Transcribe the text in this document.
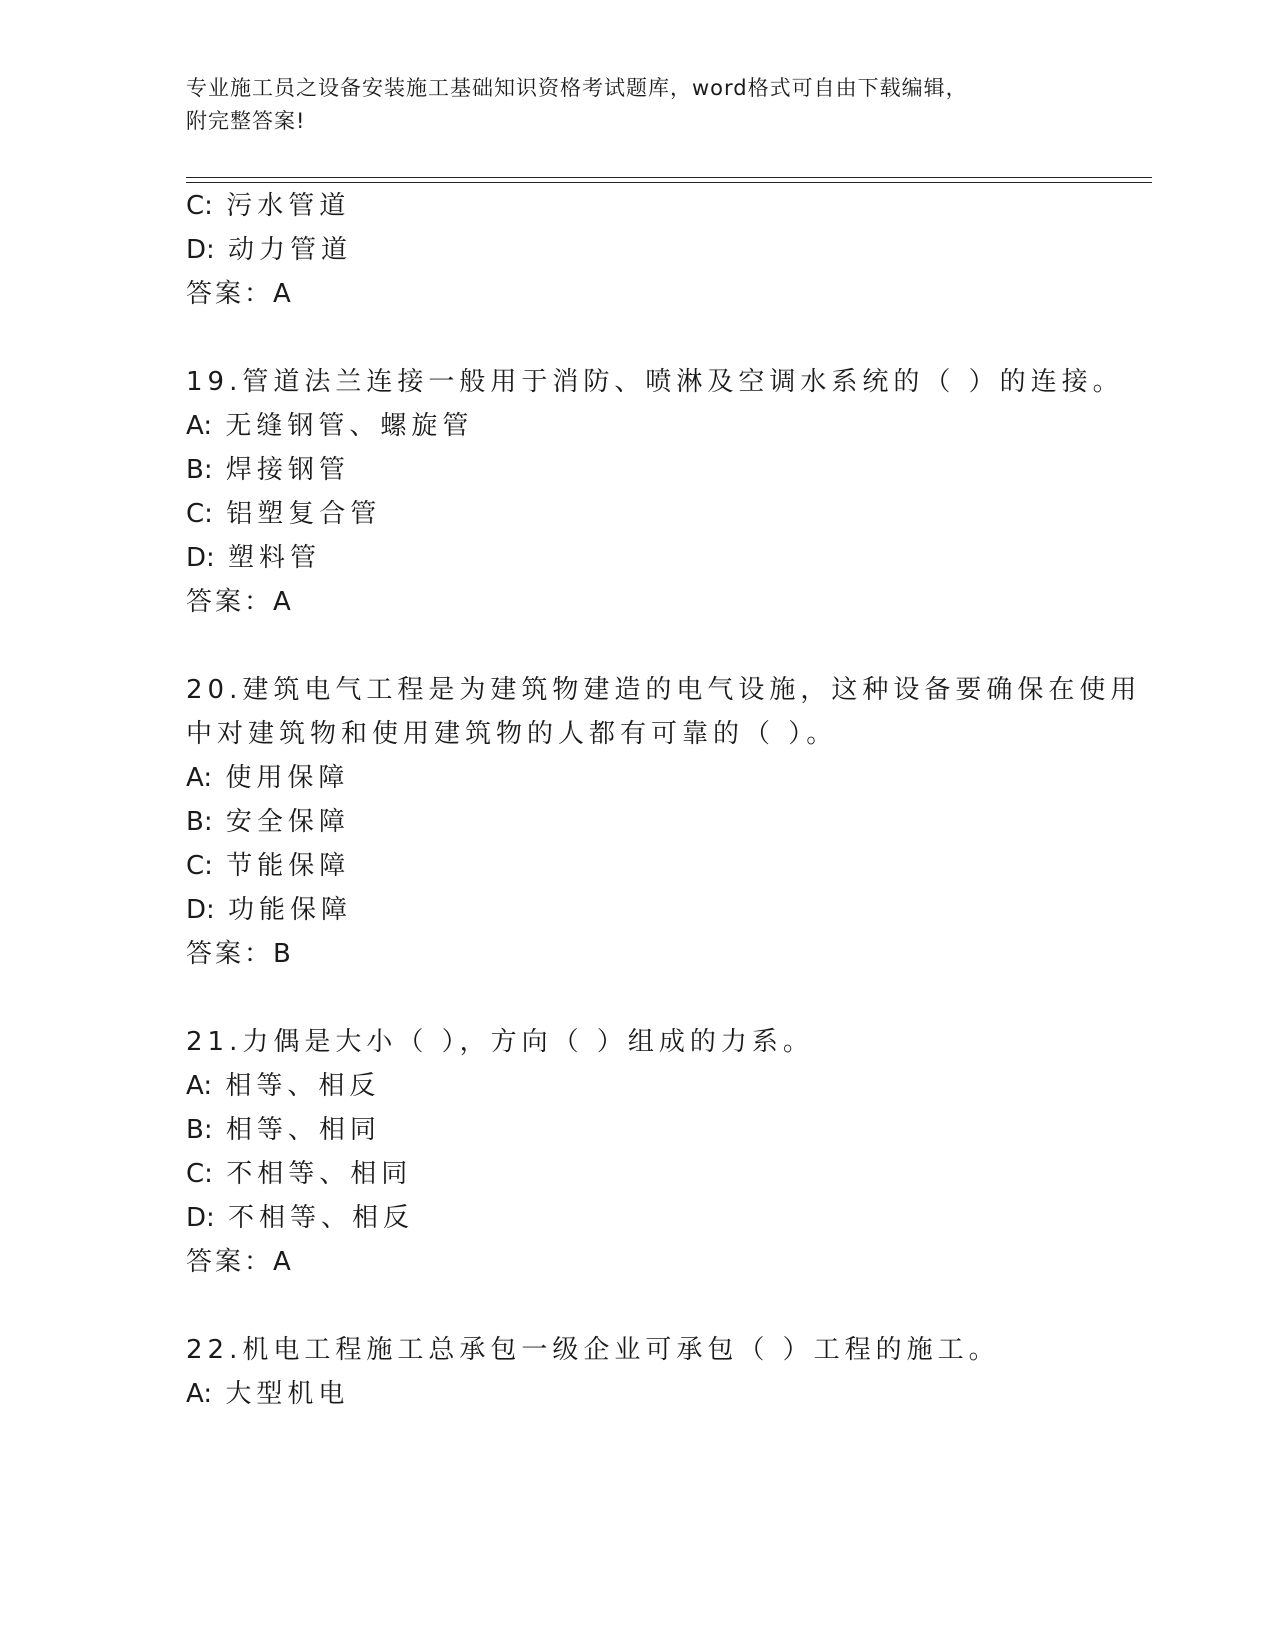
专业施工员之设备安装施工基础知识资格考试题库，word格式可自由下载编辑，
附完整答案!
C: 污水管道
D: 动力管道
答案：A
19.管道法兰连接一般用于消防、喷淋及空调水系统的（ ）的连接。
A: 无缝钢管、螺旋管
B: 焊接钢管
C: 铝塑复合管
D: 塑料管
答案：A
20.建筑电气工程是为建筑物建造的电气设施，这种设备要确保在使用
中对建筑物和使用建筑物的人都有可靠的（ ）。
A: 使用保障
B: 安全保障
C: 节能保障
D: 功能保障
答案：B
21.力偶是大小（ ），方向（ ）组成的力系。
A: 相等、相反
B: 相等、相同
C: 不相等、相同
D: 不相等、相反
答案：A
22.机电工程施工总承包一级企业可承包（ ）工程的施工。
A: 大型机电
